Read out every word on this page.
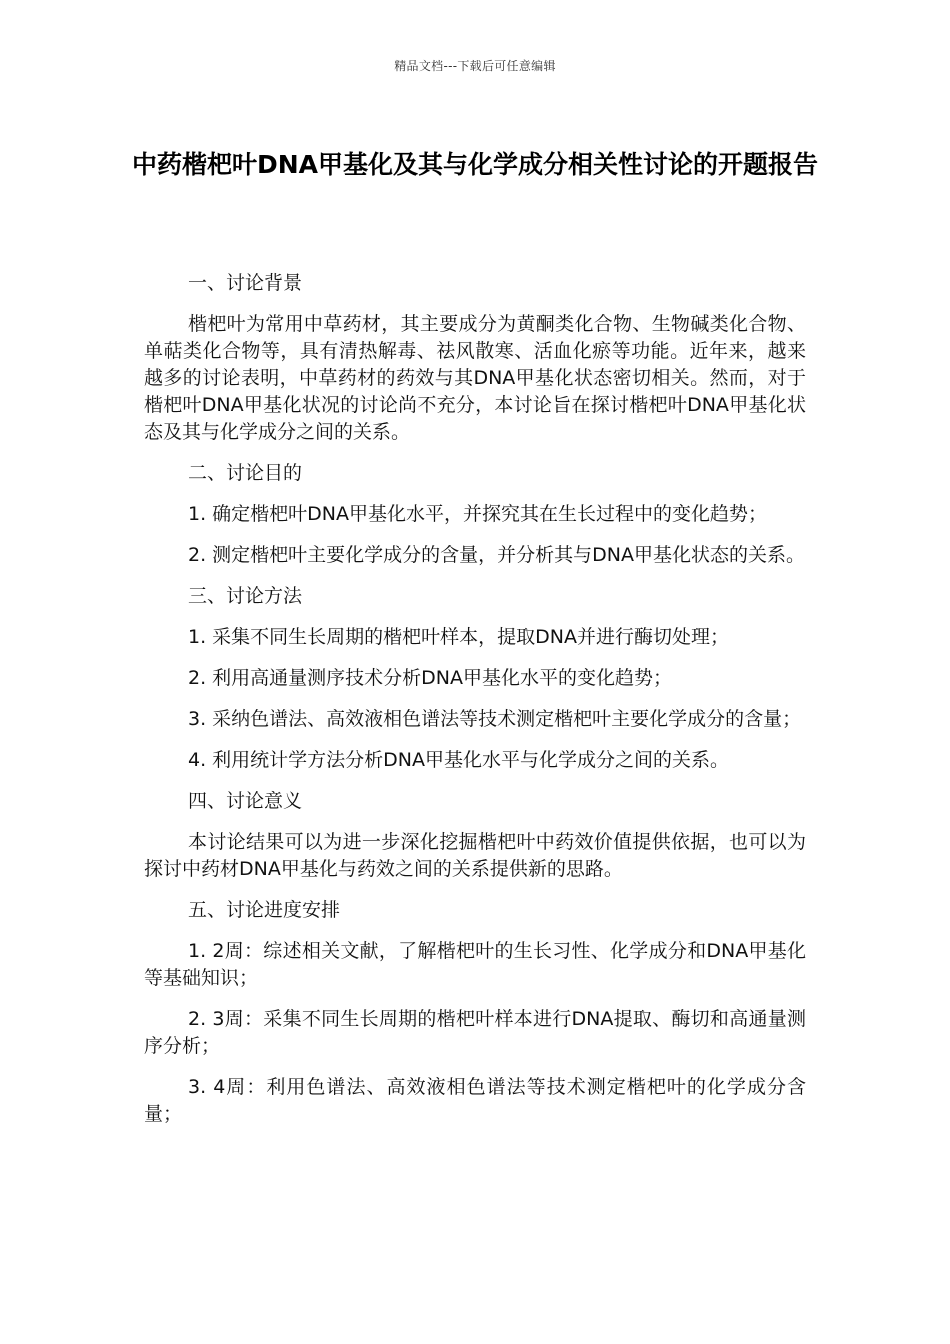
精品文档---下载后可任意编辑
中药楷杷叶DNA甲基化及其与化学成分相关性讨论的开题报告

一、讨论背景

楷杷叶为常用中草药材，其主要成分为黄酮类化合物、生物碱类化合物、单萜类化合物等，具有清热解毒、祛风散寒、活血化瘀等功能。近年来，越来越多的讨论表明，中草药材的药效与其DNA甲基化状态密切相关。然而，对于楷杷叶DNA甲基化状况的讨论尚不充分，本讨论旨在探讨楷杷叶DNA甲基化状态及其与化学成分之间的关系。

二、讨论目的

1. 确定楷杷叶DNA甲基化水平，并探究其在生长过程中的变化趋势；

2. 测定楷杷叶主要化学成分的含量，并分析其与DNA甲基化状态的关系。

三、讨论方法

1. 采集不同生长周期的楷杷叶样本，提取DNA并进行酶切处理；

2. 利用高通量测序技术分析DNA甲基化水平的变化趋势；

3. 采纳色谱法、高效液相色谱法等技术测定楷杷叶主要化学成分的含量；

4. 利用统计学方法分析DNA甲基化水平与化学成分之间的关系。

四、讨论意义

本讨论结果可以为进一步深化挖掘楷杷叶中药效价值提供依据，也可以为探讨中药材DNA甲基化与药效之间的关系提供新的思路。

五、讨论进度安排

1. 2周：综述相关文献，了解楷杷叶的生长习性、化学成分和DNA甲基化等基础知识；

2. 3周：采集不同生长周期的楷杷叶样本进行DNA提取、酶切和高通量测序分析；

3. 4周：利用色谱法、高效液相色谱法等技术测定楷杷叶的化学成分含量；
